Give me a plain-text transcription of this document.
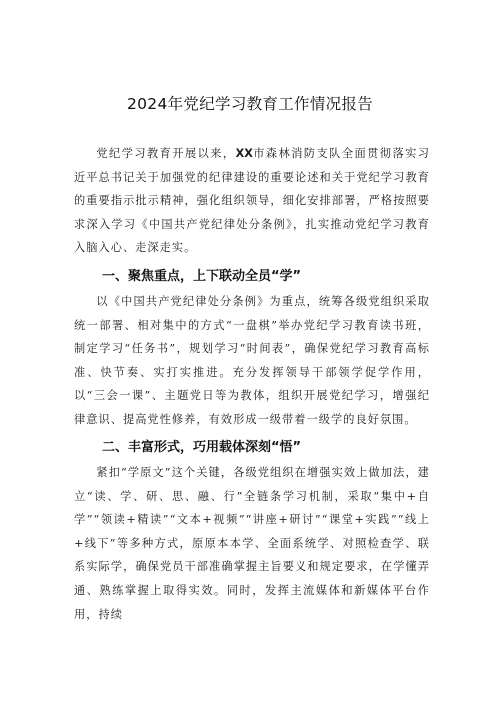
2024年党纪学习教育工作情况报告

党纪学习教育开展以来，XX市森林消防支队全面贯彻落实习近平总书记关于加强党的纪律建设的重要论述和关于党纪学习教育的重要指示批示精神，强化组织领导，细化安排部署，严格按照要求深入学习《中国共产党纪律处分条例》，扎实推动党纪学习教育入脑入心、走深走实。

一、聚焦重点，上下联动全员“学”

以《中国共产党纪律处分条例》为重点，统筹各级党组织采取统一部署、相对集中的方式“一盘棋”举办党纪学习教育读书班，制定学习“任务书”，规划学习“时间表”，确保党纪学习教育高标准、快节奏、实打实推进。充分发挥领导干部领学促学作用，以“三会一课”、主题党日等为教体，组织开展党纪学习，增强纪律意识、提高党性修养，有效形成一级带着一级学的良好氛围。

二、丰富形式，巧用载体深刻“悟”

紧扣“学原文”这个关键，各级党组织在增强实效上做加法，建立“读、学、研、思、融、行”全链条学习机制，采取“集中+自学”“领读+精读”“文本+视频”“讲座+研讨”“课堂+实践”“线上+线下”等多种方式，原原本本学、全面系统学、对照检查学、联系实际学，确保党员干部准确掌握主旨要义和规定要求，在学懂弄通、熟练掌握上取得实效。同时，发挥主流媒体和新媒体平台作用，持续
